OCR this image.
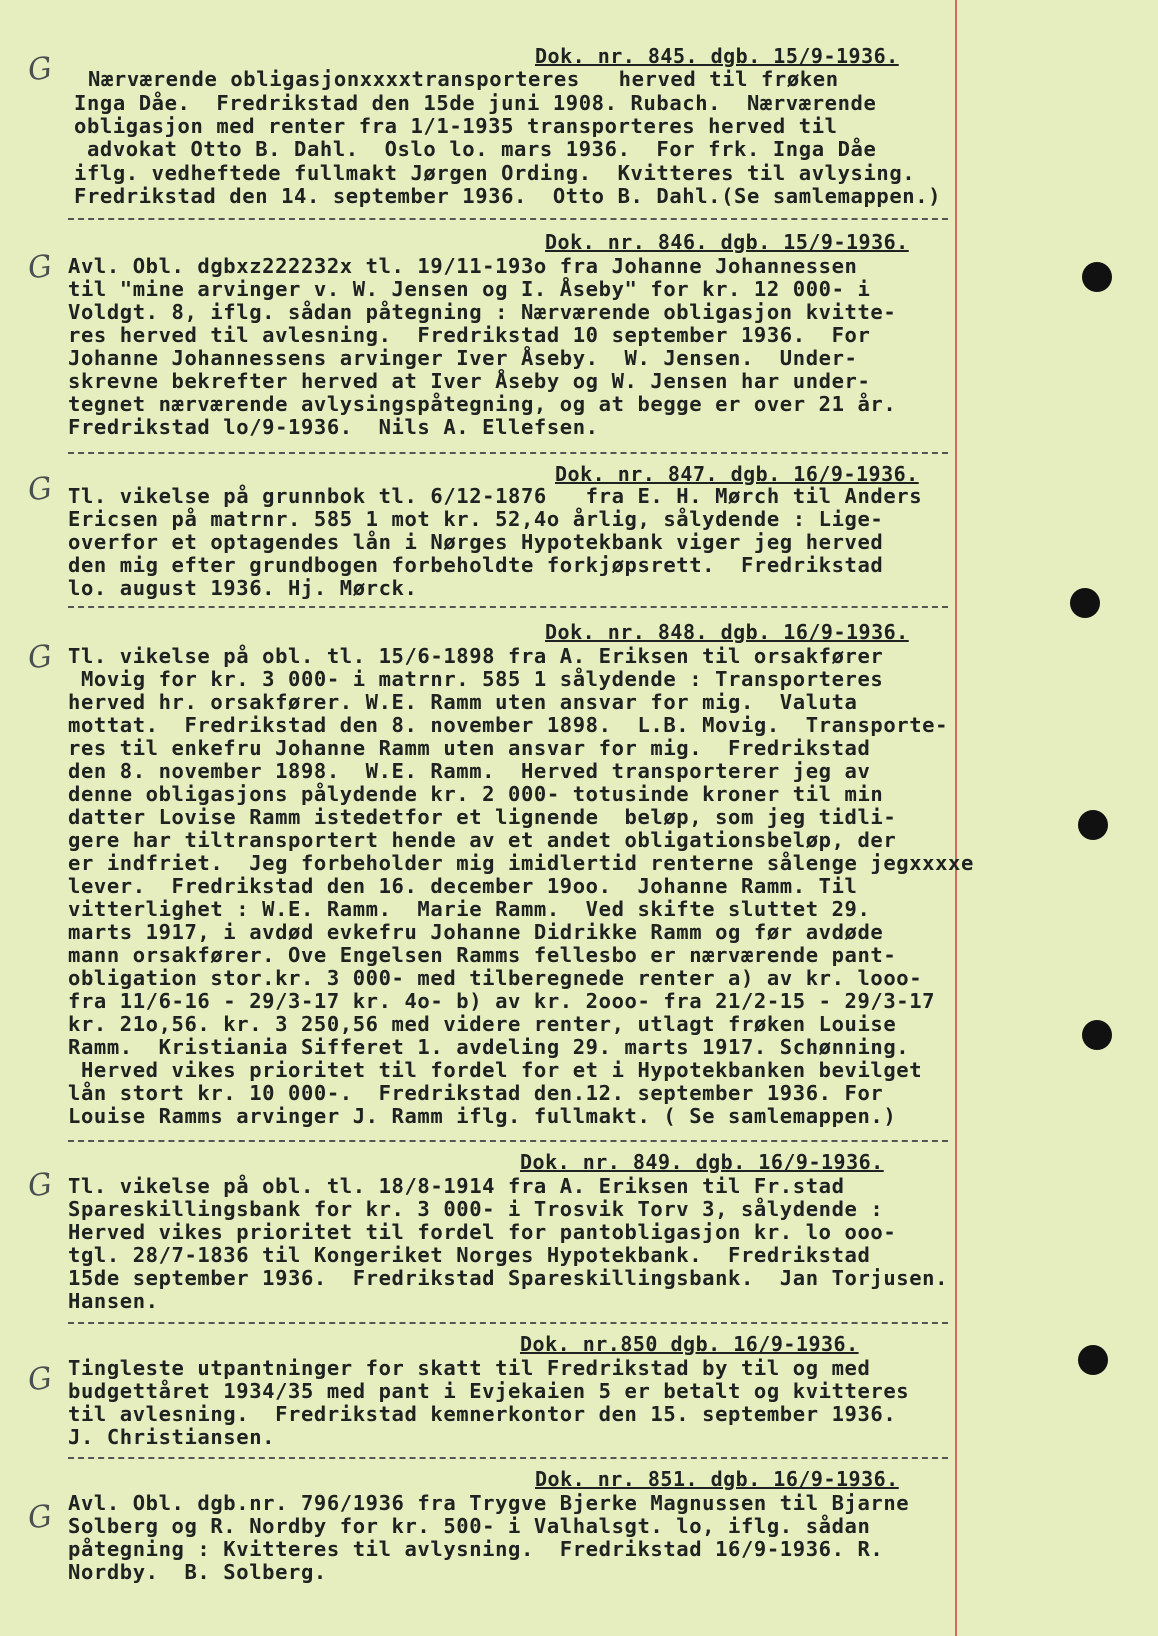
Dok. nr. 845. dgb. 15/9-1936.
G Nærværende obligasjonxxxxtransporteres   herved til frøken
Inga Dåe.  Fredrikstad den 15de juni 1908. Rubach.  Nærværende
obligasjon med renter fra 1/1-1935 transporteres herved til
advokat Otto B. Dahl.  Oslo lo. mars 1936.  For frk. Inga Dåe
iflg. vedheftede fullmakt Jørgen Ording.  Kvitteres til avlysing.
Fredrikstad den 14. september 1936.  Otto B. Dahl.(Se samlemappen.)
Dok. nr. 846. dgb. 15/9-1936.
G Avl. Obl. dgbxz222232x tl. 19/11-193o fra Johanne Johannessen
til "mine arvinger v. W. Jensen og I. Åseby" for kr. 12 000- i
Voldgt. 8, iflg. sådan påtegning : Nærværende obligasjon kvitte-
res herved til avlesning.  Fredrikstad 10 september 1936.  For
Johanne Johannessens arvinger Iver Åseby.  W. Jensen.  Under-
skrevne bekrefter herved at Iver Åseby og W. Jensen har under-
tegnet nærværende avlysingspåtegning, og at begge er over 21 år.
Fredrikstad lo/9-1936.  Nils A. Ellefsen.
Dok. nr. 847. dgb. 16/9-1936.
G Tl. vikelse på grunnbok tl. 6/12-1876   fra E. H. Mørch til Anders
Ericsen på matrnr. 585 1 mot kr. 52,4o årlig, sålydende : Lige-
overfor et optagendes lån i Nørges Hypotekbank viger jeg herved
den mig efter grundbogen forbeholdte forkjøpsrett.  Fredrikstad
lo. august 1936. Hj. Mørck.
Dok. nr. 848. dgb. 16/9-1936.
G Tl. vikelse på obl. tl. 15/6-1898 fra A. Eriksen til orsakfører
Movig for kr. 3 000- i matrnr. 585 1 sålydende : Transporteres
herved hr. orsakfører. W.E. Ramm uten ansvar for mig.  Valuta
mottat.  Fredrikstad den 8. november 1898.  L.B. Movig.  Transporte-
res til enkefru Johanne Ramm uten ansvar for mig.  Fredrikstad
den 8. november 1898.  W.E. Ramm.  Herved transporterer jeg av
denne obligasjons pålydende kr. 2 000- totusinde kroner til min
datter Lovise Ramm istedetfor et lignende  beløp, som jeg tidli-
gere har tiltransportert hende av et andet obligationsbeløp, der
er indfriet.  Jeg forbeholder mig imidlertid renterne sålenge jegxxxxe
lever.  Fredrikstad den 16. december 19oo.  Johanne Ramm. Til
vitterlighet : W.E. Ramm.  Marie Ramm.  Ved skifte sluttet 29.
marts 1917, i avdød evkefru Johanne Didrikke Ramm og før avdøde
mann orsakfører. Ove Engelsen Ramms fellesbo er nærværende pant-
obligation stor.kr. 3 000- med tilberegnede renter a) av kr. looo-
fra 11/6-16 - 29/3-17 kr. 4o- b) av kr. 2ooo- fra 21/2-15 - 29/3-17
kr. 21o,56. kr. 3 250,56 med videre renter, utlagt frøken Louise
Ramm.  Kristiania Sifferet 1. avdeling 29. marts 1917. Schønning.
Herved vikes prioritet til fordel for et i Hypotekbanken bevilget
lån stort kr. 10 000-.  Fredrikstad den.12. september 1936. For
Louise Ramms arvinger J. Ramm iflg. fullmakt. ( Se samlemappen.)
Dok. nr. 849. dgb. 16/9-1936.
G Tl. vikelse på obl. tl. 18/8-1914 fra A. Eriksen til Fr.stad
Spareskillingsbank for kr. 3 000- i Trosvik Torv 3, sålydende :
Herved vikes prioritet til fordel for pantobligasjon kr. lo ooo-
tgl. 28/7-1836 til Kongeriket Norges Hypotekbank.  Fredrikstad
15de september 1936.  Fredrikstad Spareskillingsbank.  Jan Torjusen.
Hansen.
Dok. nr.850 dgb. 16/9-1936.
G Tingleste utpantninger for skatt til Fredrikstad by til og med
budgettåret 1934/35 med pant i Evjekaien 5 er betalt og kvitteres
til avlesning.  Fredrikstad kemnerkontor den 15. september 1936.
J. Christiansen.
Dok. nr. 851. dgb. 16/9-1936.
G Avl. Obl. dgb.nr. 796/1936 fra Trygve Bjerke Magnussen til Bjarne
Solberg og R. Nordby for kr. 500- i Valhalsgt. lo, iflg. sådan
påtegning : Kvitteres til avlysning.  Fredrikstad 16/9-1936. R.
Nordby.  B. Solberg.
